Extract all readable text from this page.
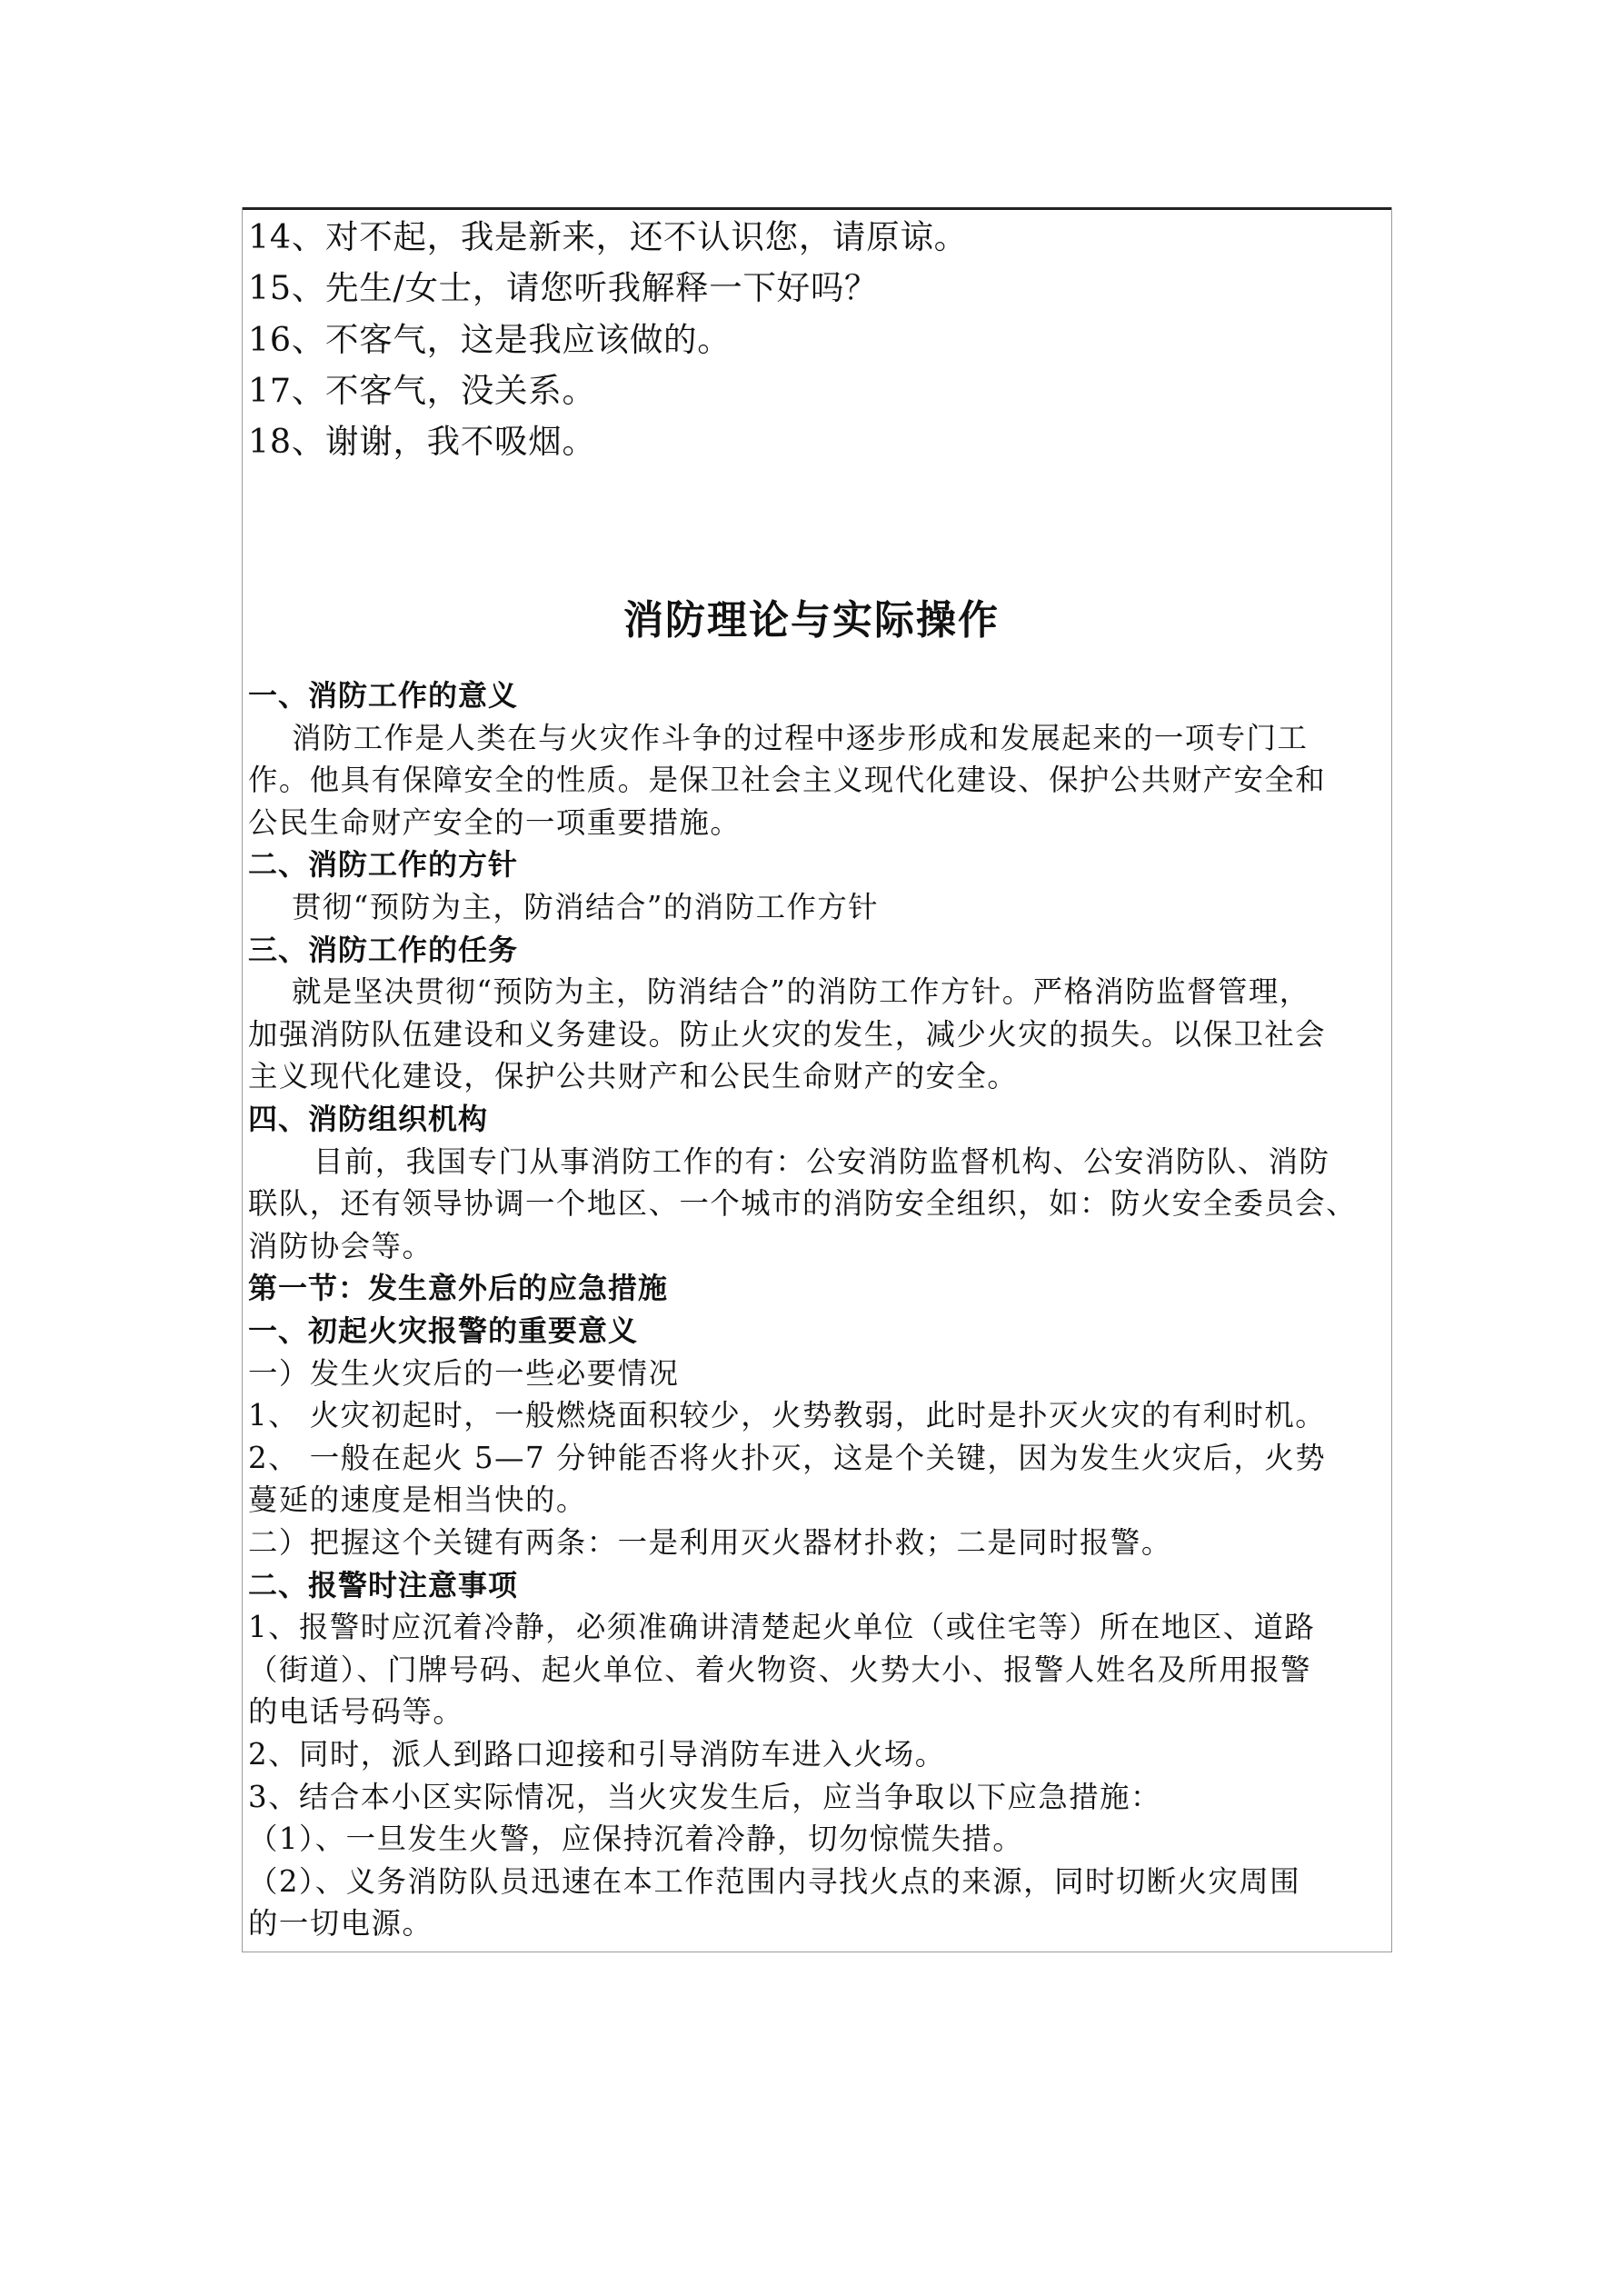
14、对不起，我是新来，还不认识您，请原谅。
15、先生/女士，请您听我解释一下好吗？
16、不客气，这是我应该做的。
17、不客气，没关系。
18、谢谢，我不吸烟。
消防理论与实际操作
一、消防工作的意义
消防工作是人类在与火灾作斗争的过程中逐步形成和发展起来的一项专门工
作。他具有保障安全的性质。是保卫社会主义现代化建设、保护公共财产安全和
公民生命财产安全的一项重要措施。
二、消防工作的方针
贯彻“预防为主，防消结合”的消防工作方针
三、消防工作的任务
就是坚决贯彻“预防为主，防消结合”的消防工作方针。严格消防监督管理，
加强消防队伍建设和义务建设。防止火灾的发生，减少火灾的损失。以保卫社会
主义现代化建设，保护公共财产和公民生命财产的安全。
四、消防组织机构
目前，我国专门从事消防工作的有：公安消防监督机构、公安消防队、消防
联队，还有领导协调一个地区、一个城市的消防安全组织，如：防火安全委员会、
消防协会等。
第一节：发生意外后的应急措施
一、初起火灾报警的重要意义
一）发生火灾后的一些必要情况
1、 火灾初起时，一般燃烧面积较少，火势教弱，此时是扑灭火灾的有利时机。
2、 一般在起火 5—7 分钟能否将火扑灭，这是个关键，因为发生火灾后，火势
蔓延的速度是相当快的。
二）把握这个关键有两条：一是利用灭火器材扑救；二是同时报警。
二、报警时注意事项
1、报警时应沉着冷静，必须准确讲清楚起火单位（或住宅等）所在地区、道路
（街道）、门牌号码、起火单位、着火物资、火势大小、报警人姓名及所用报警
的电话号码等。
2、同时，派人到路口迎接和引导消防车进入火场。
3、结合本小区实际情况，当火灾发生后，应当争取以下应急措施：
（1）、一旦发生火警，应保持沉着冷静，切勿惊慌失措。
（2）、义务消防队员迅速在本工作范围内寻找火点的来源，同时切断火灾周围
的一切电源。
